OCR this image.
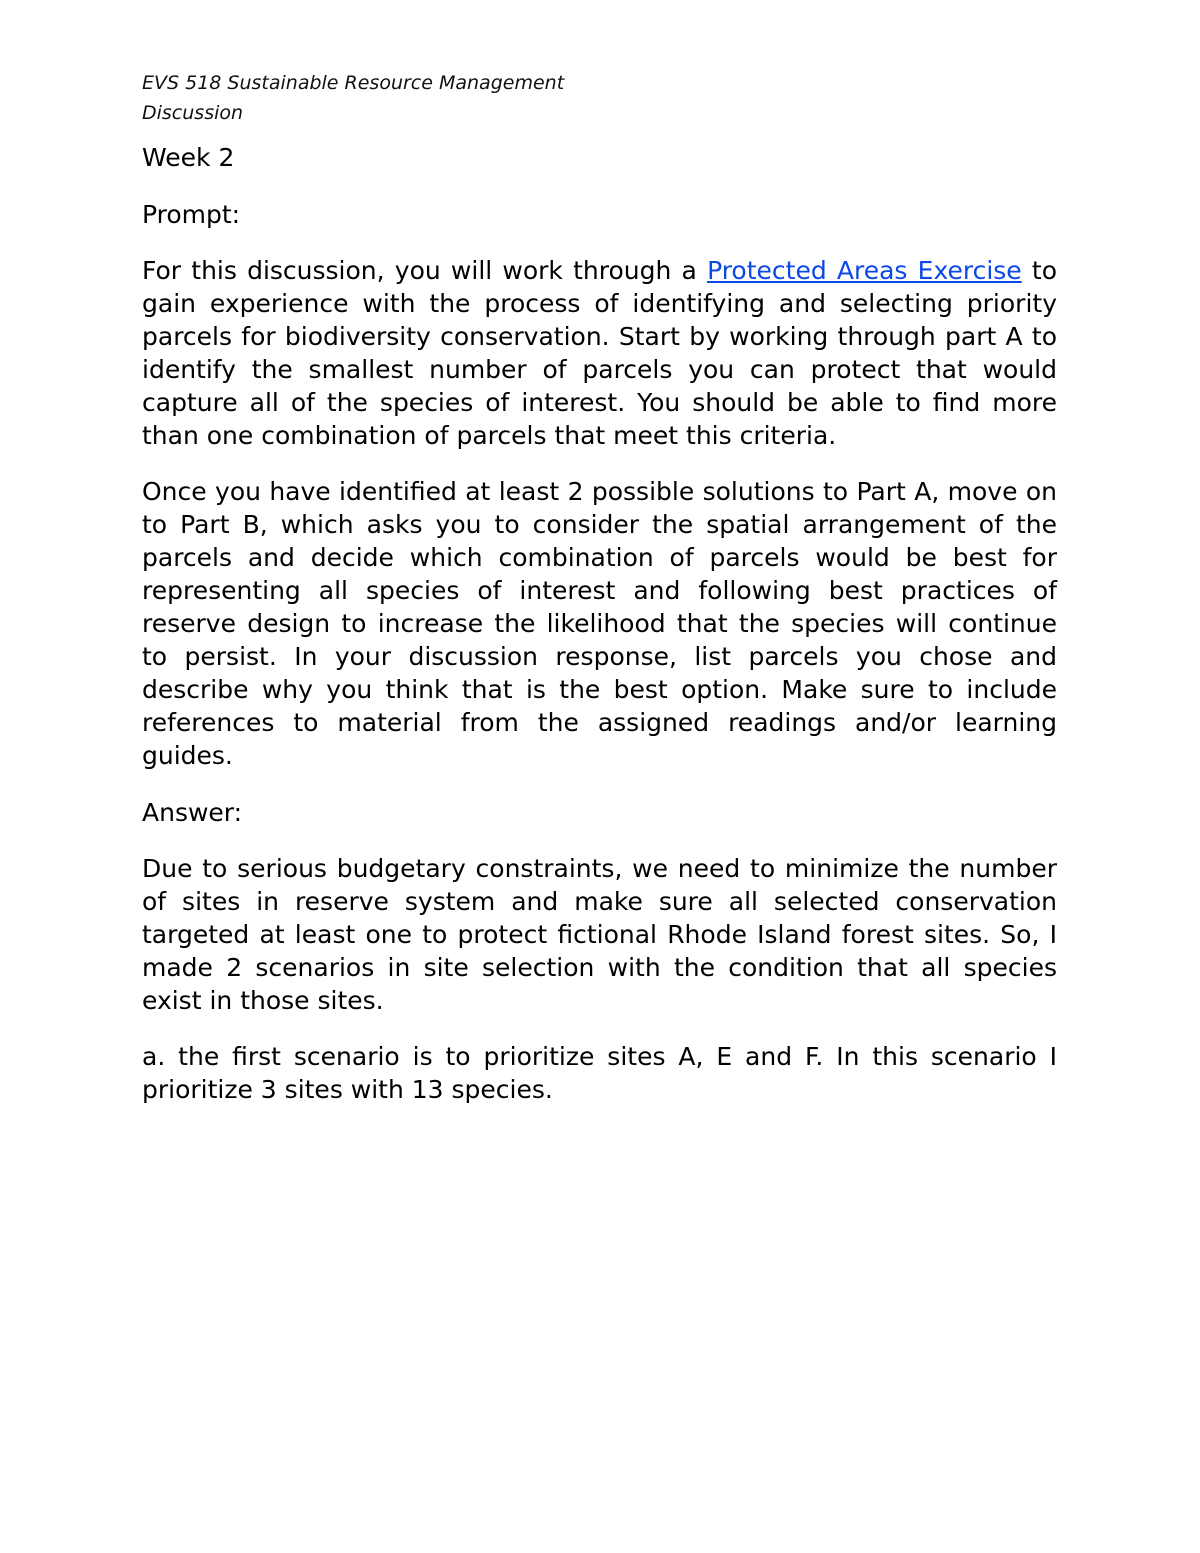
EVS 518 Sustainable Resource Management
Discussion
Week 2
Prompt:

For this discussion, you will work through a Protected Areas Exercise to gain experience with the process of identifying and selecting priority parcels for biodiversity conservation. Start by working through part A to identify the smallest number of parcels you can protect that would capture all of the species of interest. You should be able to find more than one combination of parcels that meet this criteria.

Once you have identified at least 2 possible solutions to Part A, move on to Part B, which asks you to consider the spatial arrangement of the parcels and decide which combination of parcels would be best for representing all species of interest and following best practices of reserve design to increase the likelihood that the species will continue to persist. In your discussion response, list parcels you chose and describe why you think that is the best option. Make sure to include references to material from the assigned readings and/or learning guides.

Answer:

Due to serious budgetary constraints, we need to minimize the number of sites in reserve system and make sure all selected conservation targeted at least one to protect fictional Rhode Island forest sites. So, I made 2 scenarios in site selection with the condition that all species exist in those sites.

a. the first scenario is to prioritize sites A, E and F. In this scenario I prioritize 3 sites with 13 species.
